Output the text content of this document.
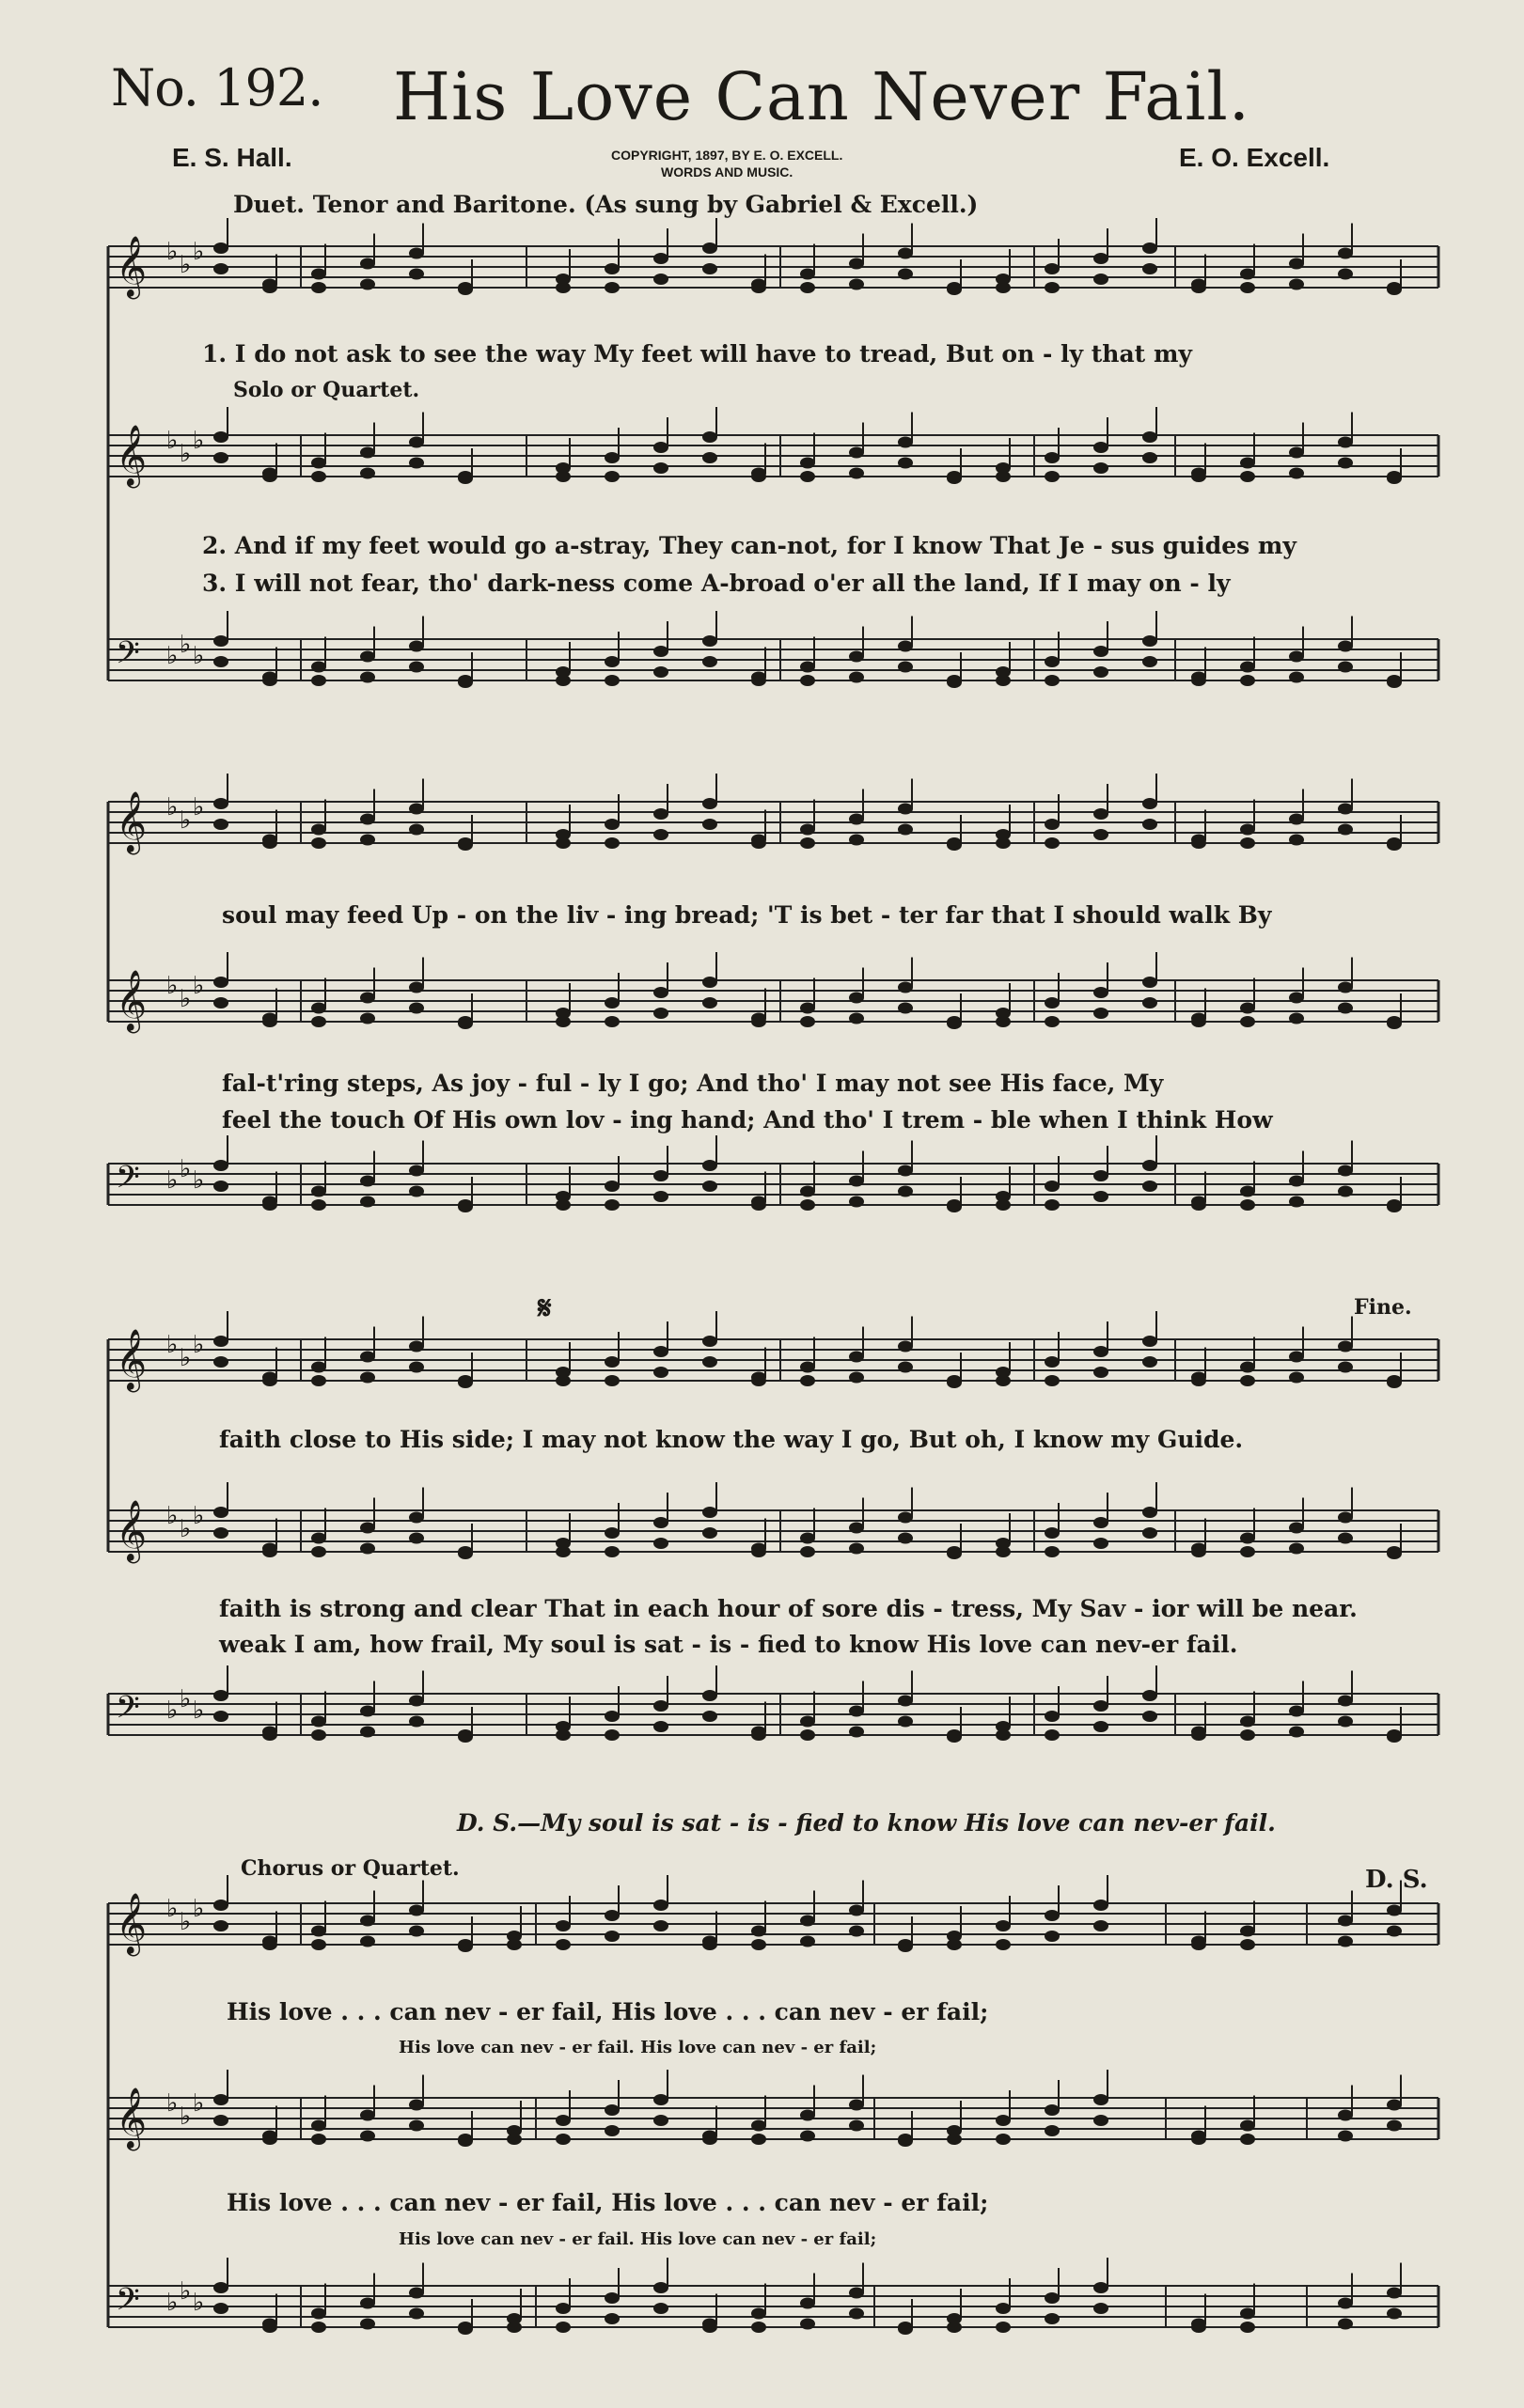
No. 192. His Love Can Never Fail.
E. S. Hall.	COPYRIGHT, 1897, BY E. O. EXCELL.
WORDS AND MUSIC.	E. O. Excell.
Duet. Tenor and Baritone. (As sung by Gabriel & Excell.)
𝄞 ♭ ♭ ♭
𝄞 ♭ ♭ ♭
𝄢 ♭ ♭ ♭
𝄞 ♭ ♭ ♭
𝄞 ♭ ♭ ♭
𝄢 ♭ ♭ ♭
𝄞 ♭ ♭ ♭
𝄞 ♭ ♭ ♭
𝄢 ♭ ♭ ♭
𝄞 ♭ ♭ ♭
𝄞 ♭ ♭ ♭
𝄢 ♭ ♭ ♭
1. I do not ask to see the way My feet will have to tread, But on - ly that my
Solo or Quartet.
2. And if my feet would go a-stray, They can-not, for I know That Je - sus guides my
3. I will not fear, tho' dark-ness come A-broad o'er all the land, If I may on - ly
soul may feed Up - on the liv - ing bread; 'T is bet - ter far that I should walk By
fal-t'ring steps, As joy - ful - ly I go; And tho' I may not see His face, My
feel the touch Of His own lov - ing hand; And tho' I trem - ble when I think How
𝄋	Fine.
faith close to His side; I may not know the way I go, But oh, I know my Guide.
faith is strong and clear That in each hour of sore dis - tress, My Sav - ior will be near.
weak I am, how frail, My soul is sat - is - fied to know His love can nev-er fail.
D. S.—My soul is sat - is - fied to know His love can nev-er fail.
Chorus or Quartet.	D. S.
His love . . . can nev - er fail, His love . . . can nev - er fail;
His love can nev - er fail. His love can nev - er fail;
His love . . . can nev - er fail, His love . . . can nev - er fail;
His love can nev - er fail. His love can nev - er fail;
